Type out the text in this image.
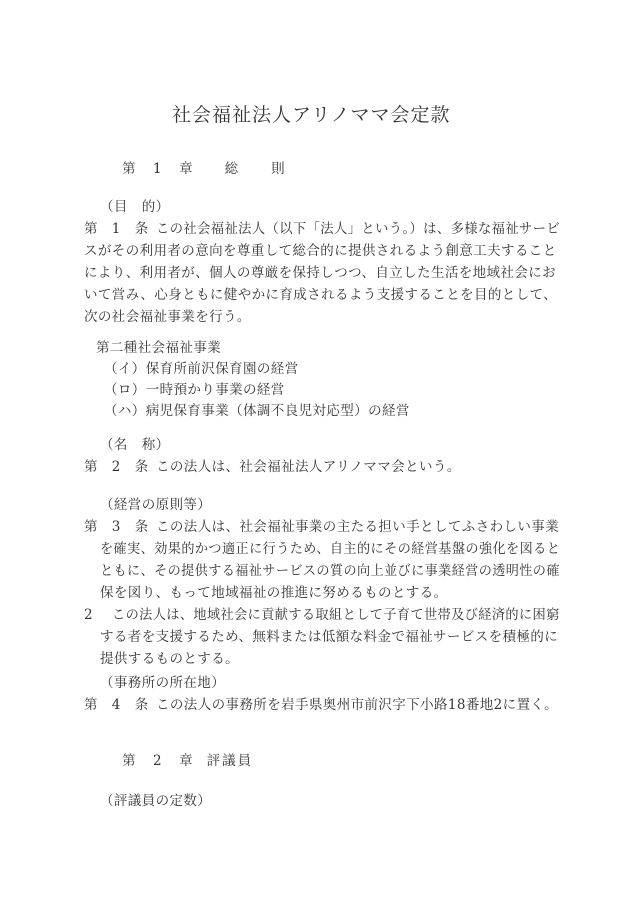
社会福祉法人アリノママ会定款
第　1　章 総　　則
（目　的）
第　1　条 この社会福祉法人（以下「法人」という。）は、多様な福祉サービ
スがその利用者の意向を尊重して総合的に提供されるよう創意工夫すること
により、利用者が、個人の尊厳を保持しつつ、自立した生活を地域社会にお
いて営み、心身ともに健やかに育成されるよう支援することを目的として、
次の社会福祉事業を行う。
第二種社会福祉事業
（イ）保育所前沢保育園の経営
（ロ）一時預かり事業の経営
（ハ）病児保育事業（体調不良児対応型）の経営
（名　称）
第　2　条 この法人は、社会福祉法人アリノママ会という。
（経営の原則等）
第　3　条 この法人は、社会福祉事業の主たる担い手としてふさわしい事業
を確実、効果的かつ適正に行うため、自主的にその経営基盤の強化を図ると
ともに、その提供する福祉サービスの質の向上並びに事業経営の透明性の確
保を図り、もって地域福祉の推進に努めるものとする。
2 この法人は、地域社会に貢献する取組として子育て世帯及び経済的に困窮
する者を支援するため、無料または低額な料金で福祉サービスを積極的に
提供するものとする。
（事務所の所在地）
第　4　条 この法人の事務所を岩手県奥州市前沢字下小路18番地2に置く。
第　2　章 評議員
（評議員の定数）
